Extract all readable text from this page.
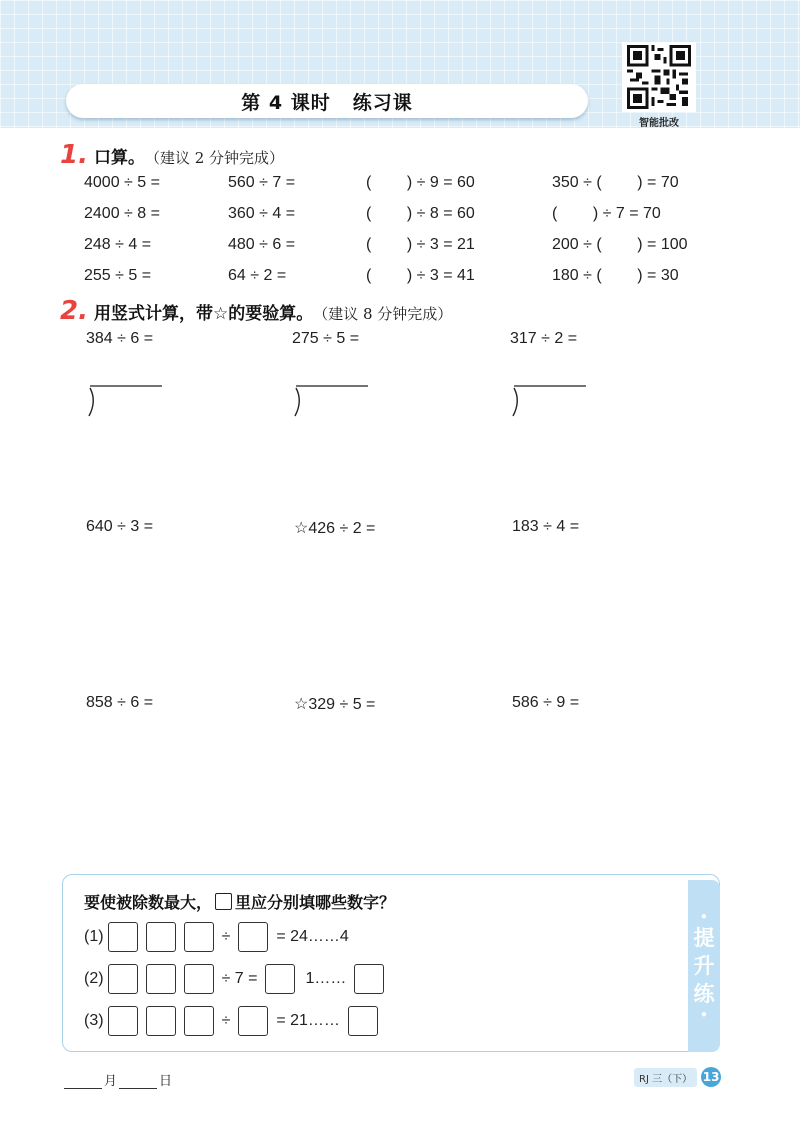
第 4 课时 练习课
智能批改
1. 口算。 （建议 2 分钟完成）
4000 ÷ 5 =	560 ÷ 7 =	(        ) ÷ 9 = 60	350 ÷ (        ) = 70
2400 ÷ 8 =	360 ÷ 4 =	(        ) ÷ 8 = 60	(        ) ÷ 7 = 70
248 ÷ 4 =	480 ÷ 6 =	(        ) ÷ 3 = 21	200 ÷ (        ) = 100
255 ÷ 5 =	64 ÷ 2 =	(        ) ÷ 3 = 41	180 ÷ (        ) = 30
2. 用竖式计算，带☆的要验算。 （建议 8 分钟完成）
384 ÷ 6 =	275 ÷ 5 =	317 ÷ 2 =
640 ÷ 3 =	☆426 ÷ 2 =	183 ÷ 4 =
858 ÷ 6 =	☆329 ÷ 5 =	586 ÷ 9 =
•
提
升
练
•
要使被除数最大， 里应分别填哪些数字？
(1)	÷	= 24……4
(2)	÷ 7 =	1……
(3)	÷	= 21……
月	日	RJ 三（下） 13
